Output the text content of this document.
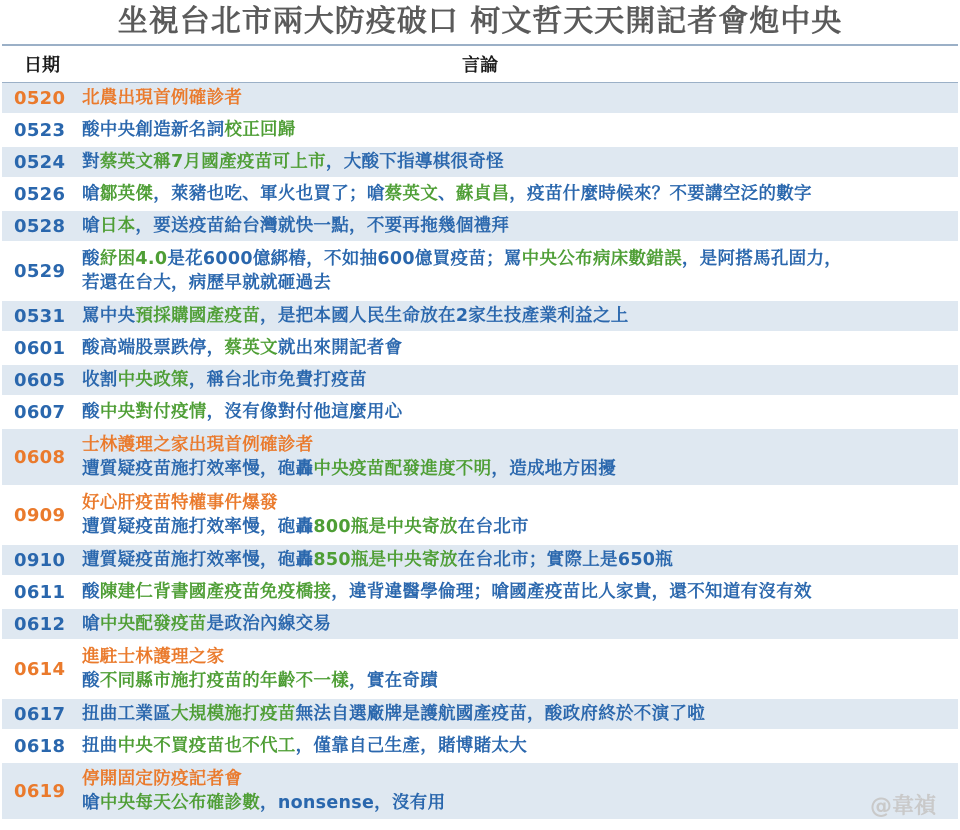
坐視台北市兩大防疫破口 柯文哲天天開記者會炮中央
日期	言論
0520 北農出現首例確診者
0523 酸中央創造新名詞校正回歸
0524 對蔡英文稱7月國產疫苗可上市，大酸下指導棋很奇怪
0526 嗆鄒英傑，萊豬也吃、軍火也買了；嗆蔡英文、蘇貞昌，疫苗什麼時候來？不要講空泛的數字
0528 嗆日本，要送疫苗給台灣就快一點，不要再拖幾個禮拜
0529
酸紓困4.0是花6000億綁樁，不如抽600億買疫苗；罵中央公布病床數錯誤，是阿搭馬孔固力，
若還在台大，病歷早就就砸過去
0531 罵中央預採購國產疫苗，是把本國人民生命放在2家生技產業利益之上
0601 酸高端股票跌停，蔡英文就出來開記者會
0605 收割中央政策，稱台北市免費打疫苗
0607 酸中央對付疫情，沒有像對付他這麼用心
0608
士林護理之家出現首例確診者
遭質疑疫苗施打效率慢，砲轟中央疫苗配發進度不明，造成地方困擾
0909
好心肝疫苗特權事件爆發
遭質疑疫苗施打效率慢，砲轟800瓶是中央寄放在台北市
0910 遭質疑疫苗施打效率慢，砲轟850瓶是中央寄放在台北市；實際上是650瓶
0611 酸陳建仁背書國產疫苗免疫橋接，違背違醫學倫理；嗆國產疫苗比人家貴，還不知道有沒有效
0612 嗆中央配發疫苗是政治內線交易
0614
進駐士林護理之家
酸不同縣市施打疫苗的年齡不一樣，實在奇蹟
0617 扭曲工業區大規模施打疫苗無法自選廠牌是護航國產疫苗，酸政府終於不演了啦
0618 扭曲中央不買疫苗也不代工，僅靠自己生產，賭博賭太大
0619
停開固定防疫記者會
嗆中央每天公布確診數，nonsense，沒有用	@韋禎
